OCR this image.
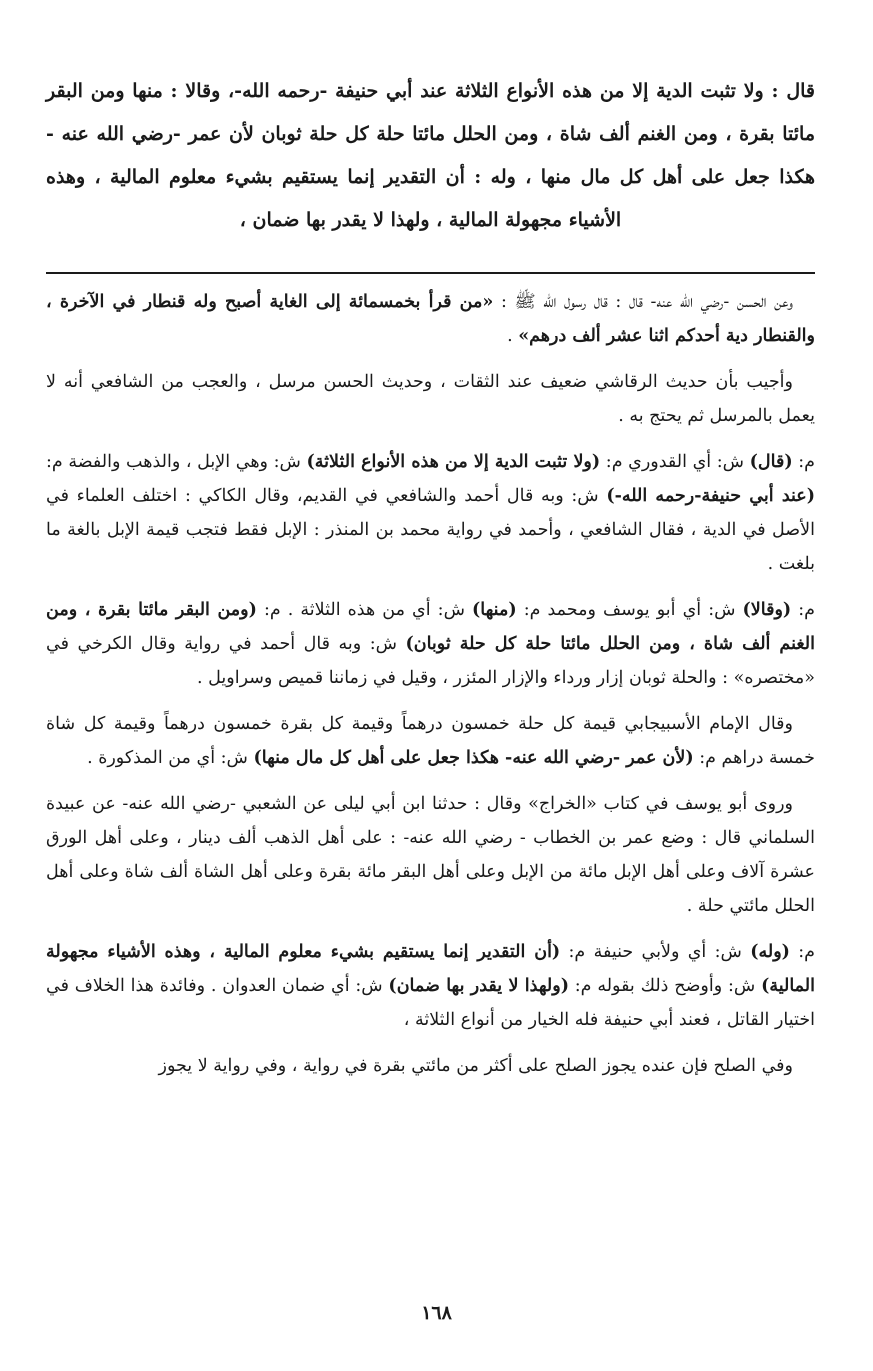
قال : ولا تثبت الدية إلا من هذه الأنواع الثلاثة عند أبي حنيفة -رحمه الله-، وقالا : منها ومن البقر مائتا بقرة ، ومن الغنم ألف شاة ، ومن الحلل مائتا حلة كل حلة ثوبان لأن عمر -رضي الله عنه - هكذا جعل على أهل كل مال منها ، وله : أن التقدير إنما يستقيم بشيء معلوم المالية ، وهذه الأشياء مجهولة المالية ، ولهذا لا يقدر بها ضمان ،

وعن الحسن -رضي الله عنه- قال : قال رسول الله ﷺ : «من قرأ بخمسمائة إلى الغاية أصبح وله قنطار في الآخرة ، والقنطار دية أحدكم اثنا عشر ألف درهم» .

وأجيب بأن حديث الرقاشي ضعيف عند الثقات ، وحديث الحسن مرسل ، والعجب من الشافعي أنه لا يعمل بالمرسل ثم يحتج به .

م: (قال) ش: أي القدوري م: (ولا تثبت الدية إلا من هذه الأنواع الثلاثة) ش: وهي الإبل ، والذهب والفضة م: (عند أبي حنيفة-رحمه الله-) ش: وبه قال أحمد والشافعي في القديم، وقال الكاكي : اختلف العلماء في الأصل في الدية ، فقال الشافعي ، وأحمد في رواية محمد بن المنذر : الإبل فقط فتجب قيمة الإبل بالغة ما بلغت .

م: (وقالا) ش: أي أبو يوسف ومحمد م: (منها) ش: أي من هذه الثلاثة . م: (ومن البقر مائتا بقرة ، ومن الغنم ألف شاة ، ومن الحلل مائتا حلة كل حلة ثوبان) ش: وبه قال أحمد في رواية وقال الكرخي في «مختصره» : والحلة ثوبان إزار ورداء والإزار المئزر ، وقيل في زماننا قميص وسراويل .

وقال الإمام الأسبيجابي قيمة كل حلة خمسون درهماً وقيمة كل بقرة خمسون درهماً وقيمة كل شاة خمسة دراهم م: (لأن عمر -رضي الله عنه- هكذا جعل على أهل كل مال منها) ش: أي من المذكورة .

وروى أبو يوسف في كتاب «الخراج» وقال : حدثنا ابن أبي ليلى عن الشعبي -رضي الله عنه- عن عبيدة السلماني قال : وضع عمر بن الخطاب - رضي الله عنه- : على أهل الذهب ألف دينار ، وعلى أهل الورق عشرة آلاف وعلى أهل الإبل مائة من الإبل وعلى أهل البقر مائة بقرة وعلى أهل الشاة ألف شاة وعلى أهل الحلل مائتي حلة .

م: (وله) ش: أي ولأبي حنيفة م: (أن التقدير إنما يستقيم بشيء معلوم المالية ، وهذه الأشياء مجهولة المالية) ش: وأوضح ذلك بقوله م: (ولهذا لا يقدر بها ضمان) ش: أي ضمان العدوان . وفائدة هذا الخلاف في اختيار القاتل ، فعند أبي حنيفة فله الخيار من أنواع الثلاثة ،

وفي الصلح فإن عنده يجوز الصلح على أكثر من مائتي بقرة في رواية ، وفي رواية لا يجوز

١٦٨
